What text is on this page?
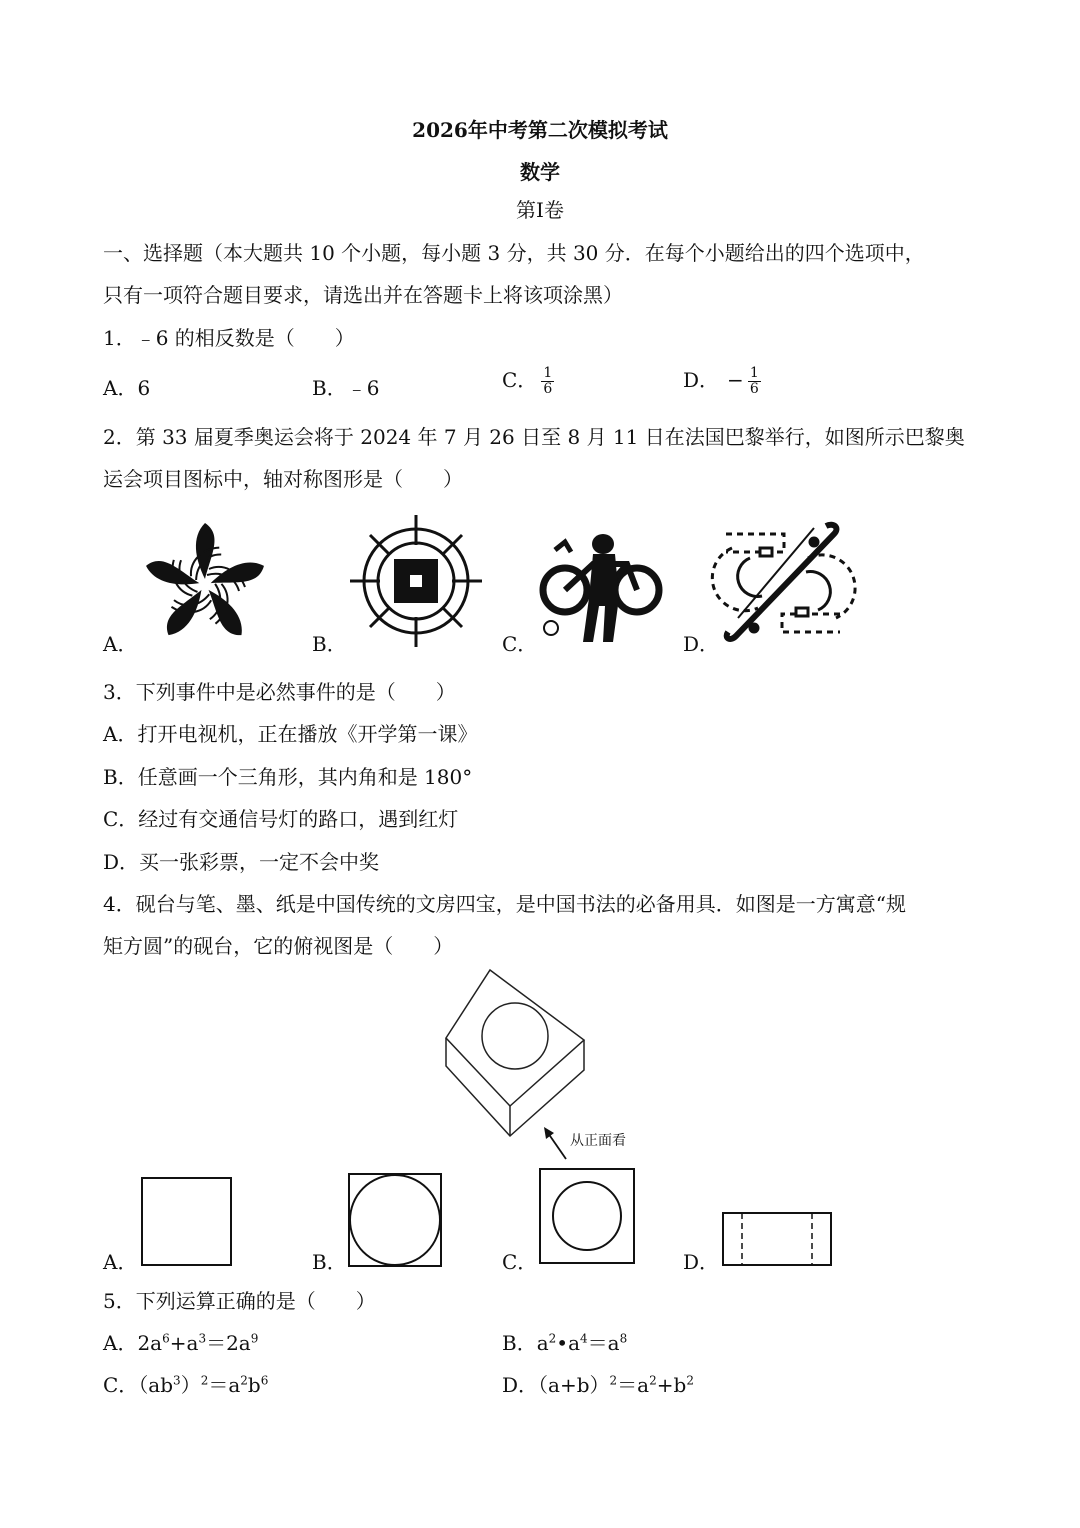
2026年中考第二次模拟考试
数学
第Ⅰ卷
一、选择题（本大题共 10 个小题，每小题 3 分，共 30 分．在每个小题给出的四个选项中，
只有一项符合题目要求，请选出并在答题卡上将该项涂黑）
1．﹣6 的相反数是（　　）
A．6	B．﹣6	C． $\frac{1}{6}$	D． − $\frac{1}{6}$
2．第 33 届夏季奥运会将于 2024 年 7 月 26 日至 8 月 11 日在法国巴黎举行，如图所示巴黎奥
运会项目图标中，轴对称图形是（　　）
A．	B．	C．	D．
3．下列事件中是必然事件的是（　　）
A．打开电视机，正在播放《开学第一课》
B．任意画一个三角形，其内角和是 180°
C．经过有交通信号灯的路口，遇到红灯
D．买一张彩票，一定不会中奖
4．砚台与笔、墨、纸是中国传统的文房四宝，是中国书法的必备用具．如图是一方寓意“规
矩方圆”的砚台，它的俯视图是（　　）
从正面看
A．	B．	C．	D．
5．下列运算正确的是（　　）
A．$2a^6+a^3=2a^9$	B．$a^2•a^4=a^8$
C．$(ab^3)^2=a^2b^6$	D．$(a+b)^2=a^2+b^2$
